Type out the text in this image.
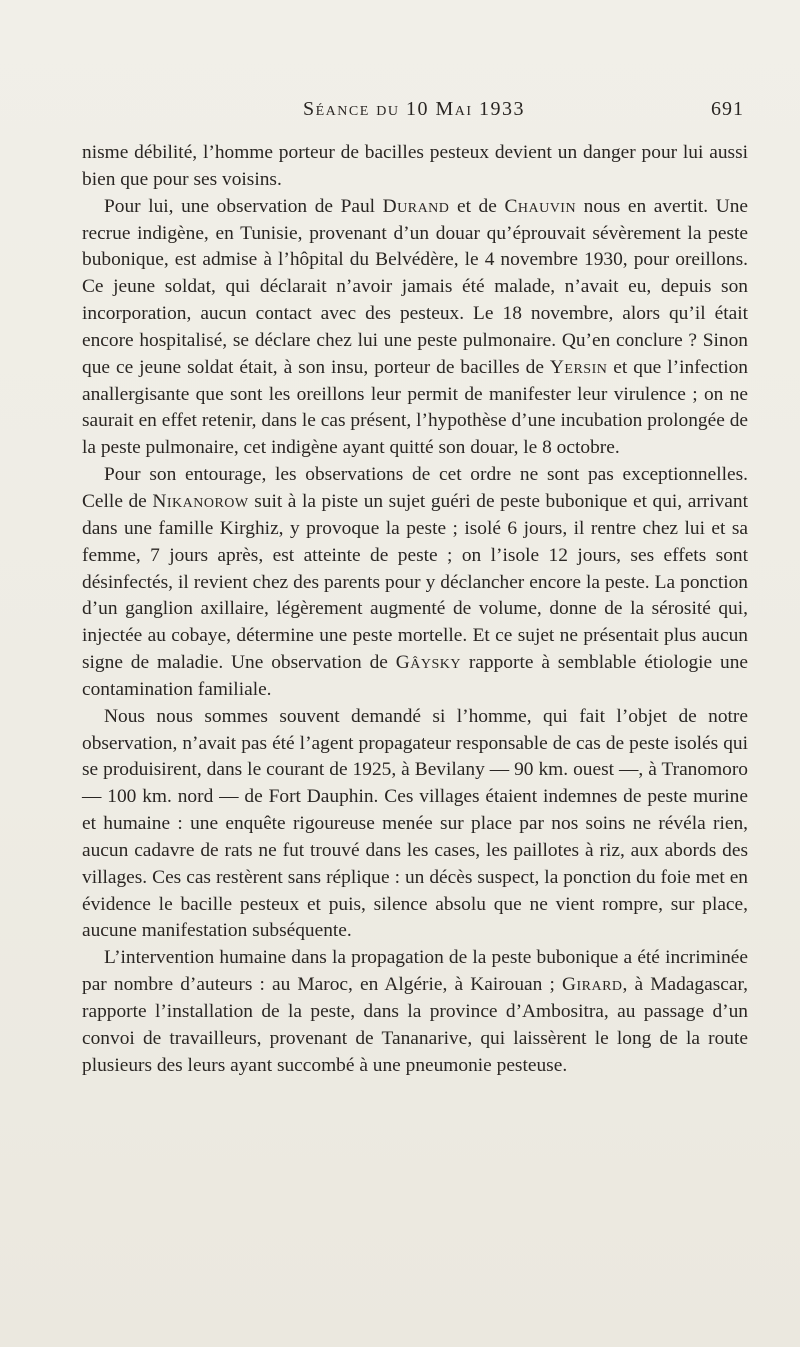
Séance du 10 Mai 1933	691

nisme débilité, l’homme porteur de bacilles pesteux devient un danger pour lui aussi bien que pour ses voisins.

Pour lui, une observation de Paul Durand et de Chauvin nous en avertit. Une recrue indigène, en Tunisie, provenant d’un douar qu’éprouvait sévèrement la peste bubonique, est admise à l’hôpital du Belvédère, le 4 novembre 1930, pour oreillons. Ce jeune soldat, qui déclarait n’avoir jamais été malade, n’avait eu, depuis son incorporation, aucun contact avec des pesteux. Le 18 novembre, alors qu’il était encore hospitalisé, se déclare chez lui une peste pulmonaire. Qu’en conclure ? Sinon que ce jeune soldat était, à son insu, porteur de bacilles de Yersin et que l’infection anallergisante que sont les oreillons leur permit de manifester leur virulence ; on ne saurait en effet retenir, dans le cas présent, l’hypothèse d’une incubation prolongée de la peste pulmonaire, cet indigène ayant quitté son douar, le 8 octobre.

Pour son entourage, les observations de cet ordre ne sont pas exceptionnelles. Celle de Nikanorow suit à la piste un sujet guéri de peste bubonique et qui, arrivant dans une famille Kirghiz, y provoque la peste ; isolé 6 jours, il rentre chez lui et sa femme, 7 jours après, est atteinte de peste ; on l’isole 12 jours, ses effets sont désinfectés, il revient chez des parents pour y déclancher encore la peste. La ponction d’un ganglion axillaire, légèrement augmenté de volume, donne de la sérosité qui, injectée au cobaye, détermine une peste mortelle. Et ce sujet ne présentait plus aucun signe de maladie. Une observation de Gâysky rapporte à semblable étiologie une contamination familiale.

Nous nous sommes souvent demandé si l’homme, qui fait l’objet de notre observation, n’avait pas été l’agent propagateur responsable de cas de peste isolés qui se produisirent, dans le courant de 1925, à Bevilany — 90 km. ouest —, à Tranomoro — 100 km. nord — de Fort Dauphin. Ces villages étaient indemnes de peste murine et humaine : une enquête rigoureuse menée sur place par nos soins ne révéla rien, aucun cadavre de rats ne fut trouvé dans les cases, les paillotes à riz, aux abords des villages. Ces cas restèrent sans réplique : un décès suspect, la ponction du foie met en évidence le bacille pesteux et puis, silence absolu que ne vient rompre, sur place, aucune manifestation subséquente.

L’intervention humaine dans la propagation de la peste bubonique a été incriminée par nombre d’auteurs : au Maroc, en Algérie, à Kairouan ; Girard, à Madagascar, rapporte l’installation de la peste, dans la province d’Ambositra, au passage d’un convoi de travailleurs, provenant de Tananarive, qui laissèrent le long de la route plusieurs des leurs ayant succombé à une pneumonie pesteuse.
